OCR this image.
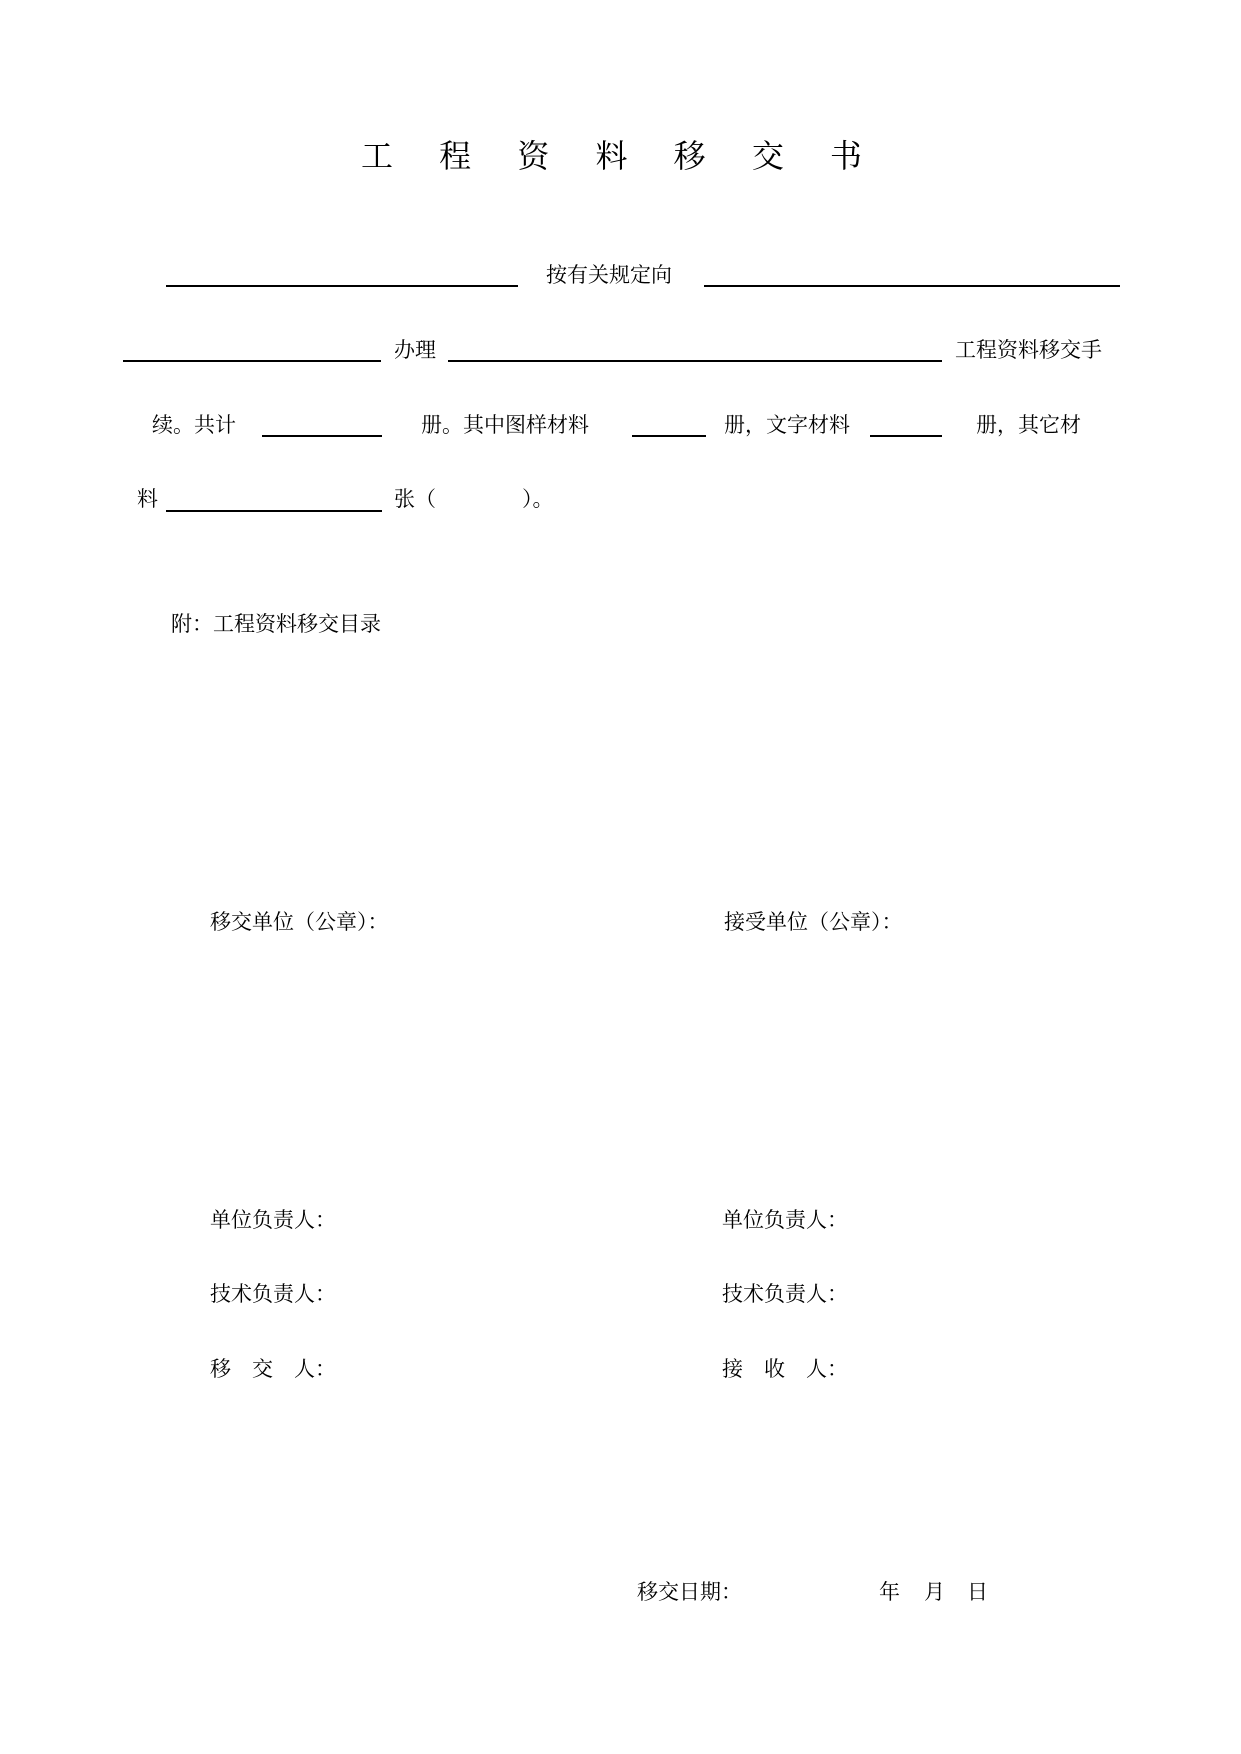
工 程 资 料 移 交 书
按有关规定向
办理	工程资料移交手
续。共计	册。其中图样材料	册，文字材料	册，其它材
料	张（	）。
附：工程资料移交目录
移交单位（公章）：	接受单位（公章）：
单位负责人：	单位负责人：
技术负责人：	技术负责人：
移　交　人：	接　收　人：
移交日期：	年 月 日
